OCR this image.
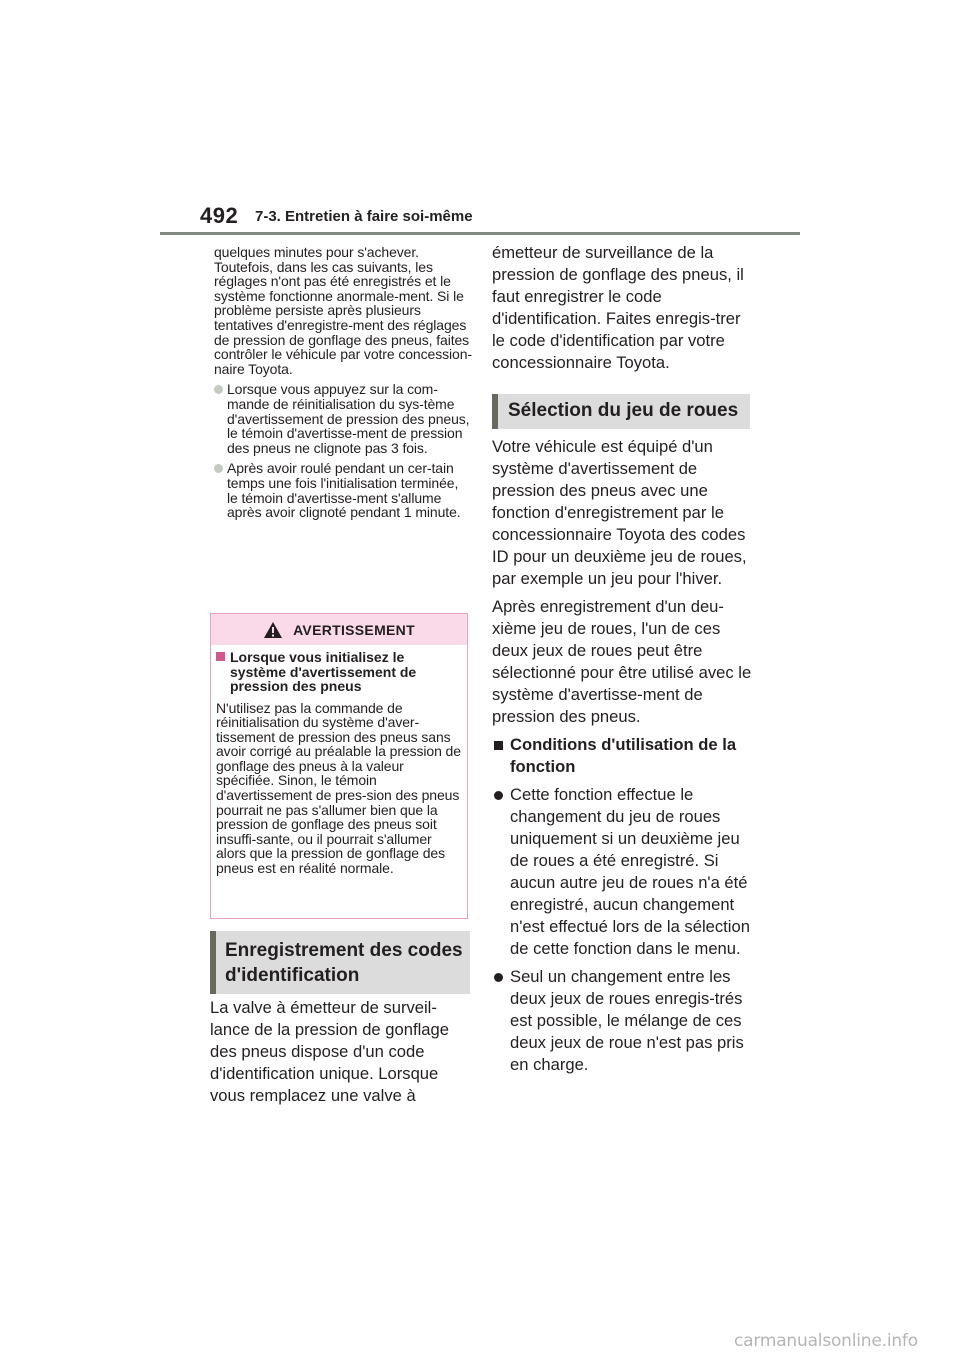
492 7-3. Entretien à faire soi-même

quelques minutes pour s'achever. Toutefois, dans les cas suivants, les réglages n'ont pas été enregistrés et le système fonctionne anormale-ment. Si le problème persiste après plusieurs tentatives d'enregistre-ment des réglages de pression de gonflage des pneus, faites contrôler le véhicule par votre concession-naire Toyota.

Lorsque vous appuyez sur la com-mande de réinitialisation du sys-tème d'avertissement de pression des pneus, le témoin d'avertisse-ment de pression des pneus ne clignote pas 3 fois.
Après avoir roulé pendant un cer-tain temps une fois l'initialisation terminée, le témoin d'avertisse-ment s'allume après avoir clignoté pendant 1 minute.
AVERTISSEMENT
Lorsque vous initialisez le système d'avertissement de pression des pneus
N'utilisez pas la commande de réinitialisation du système d'aver-tissement de pression des pneus sans avoir corrigé au préalable la pression de gonflage des pneus à la valeur spécifiée. Sinon, le témoin d'avertissement de pres-sion des pneus pourrait ne pas s'allumer bien que la pression de gonflage des pneus soit insuffi-sante, ou il pourrait s'allumer alors que la pression de gonflage des pneus est en réalité normale.
Enregistrement des codes d'identification
La valve à émetteur de surveil-lance de la pression de gonflage des pneus dispose d'un code d'identification unique. Lorsque vous remplacez une valve à
émetteur de surveillance de la pression de gonflage des pneus, il faut enregistrer le code d'identification. Faites enregis-trer le code d'identification par votre concessionnaire Toyota.
Sélection du jeu de roues

Votre véhicule est équipé d'un système d'avertissement de pression des pneus avec une fonction d'enregistrement par le concessionnaire Toyota des codes ID pour un deuxième jeu de roues, par exemple un jeu pour l'hiver.

Après enregistrement d'un deu-xième jeu de roues, l'un de ces deux jeux de roues peut être sélectionné pour être utilisé avec le système d'avertisse-ment de pression des pneus.

Conditions d'utilisation de la fonction
Cette fonction effectue le changement du jeu de roues uniquement si un deuxième jeu de roues a été enregistré. Si aucun autre jeu de roues n'a été enregistré, aucun changement n'est effectué lors de la sélection de cette fonction dans le menu.
Seul un changement entre les deux jeux de roues enregis-trés est possible, le mélange de ces deux jeux de roue n'est pas pris en charge.
carmanualsonline.info
